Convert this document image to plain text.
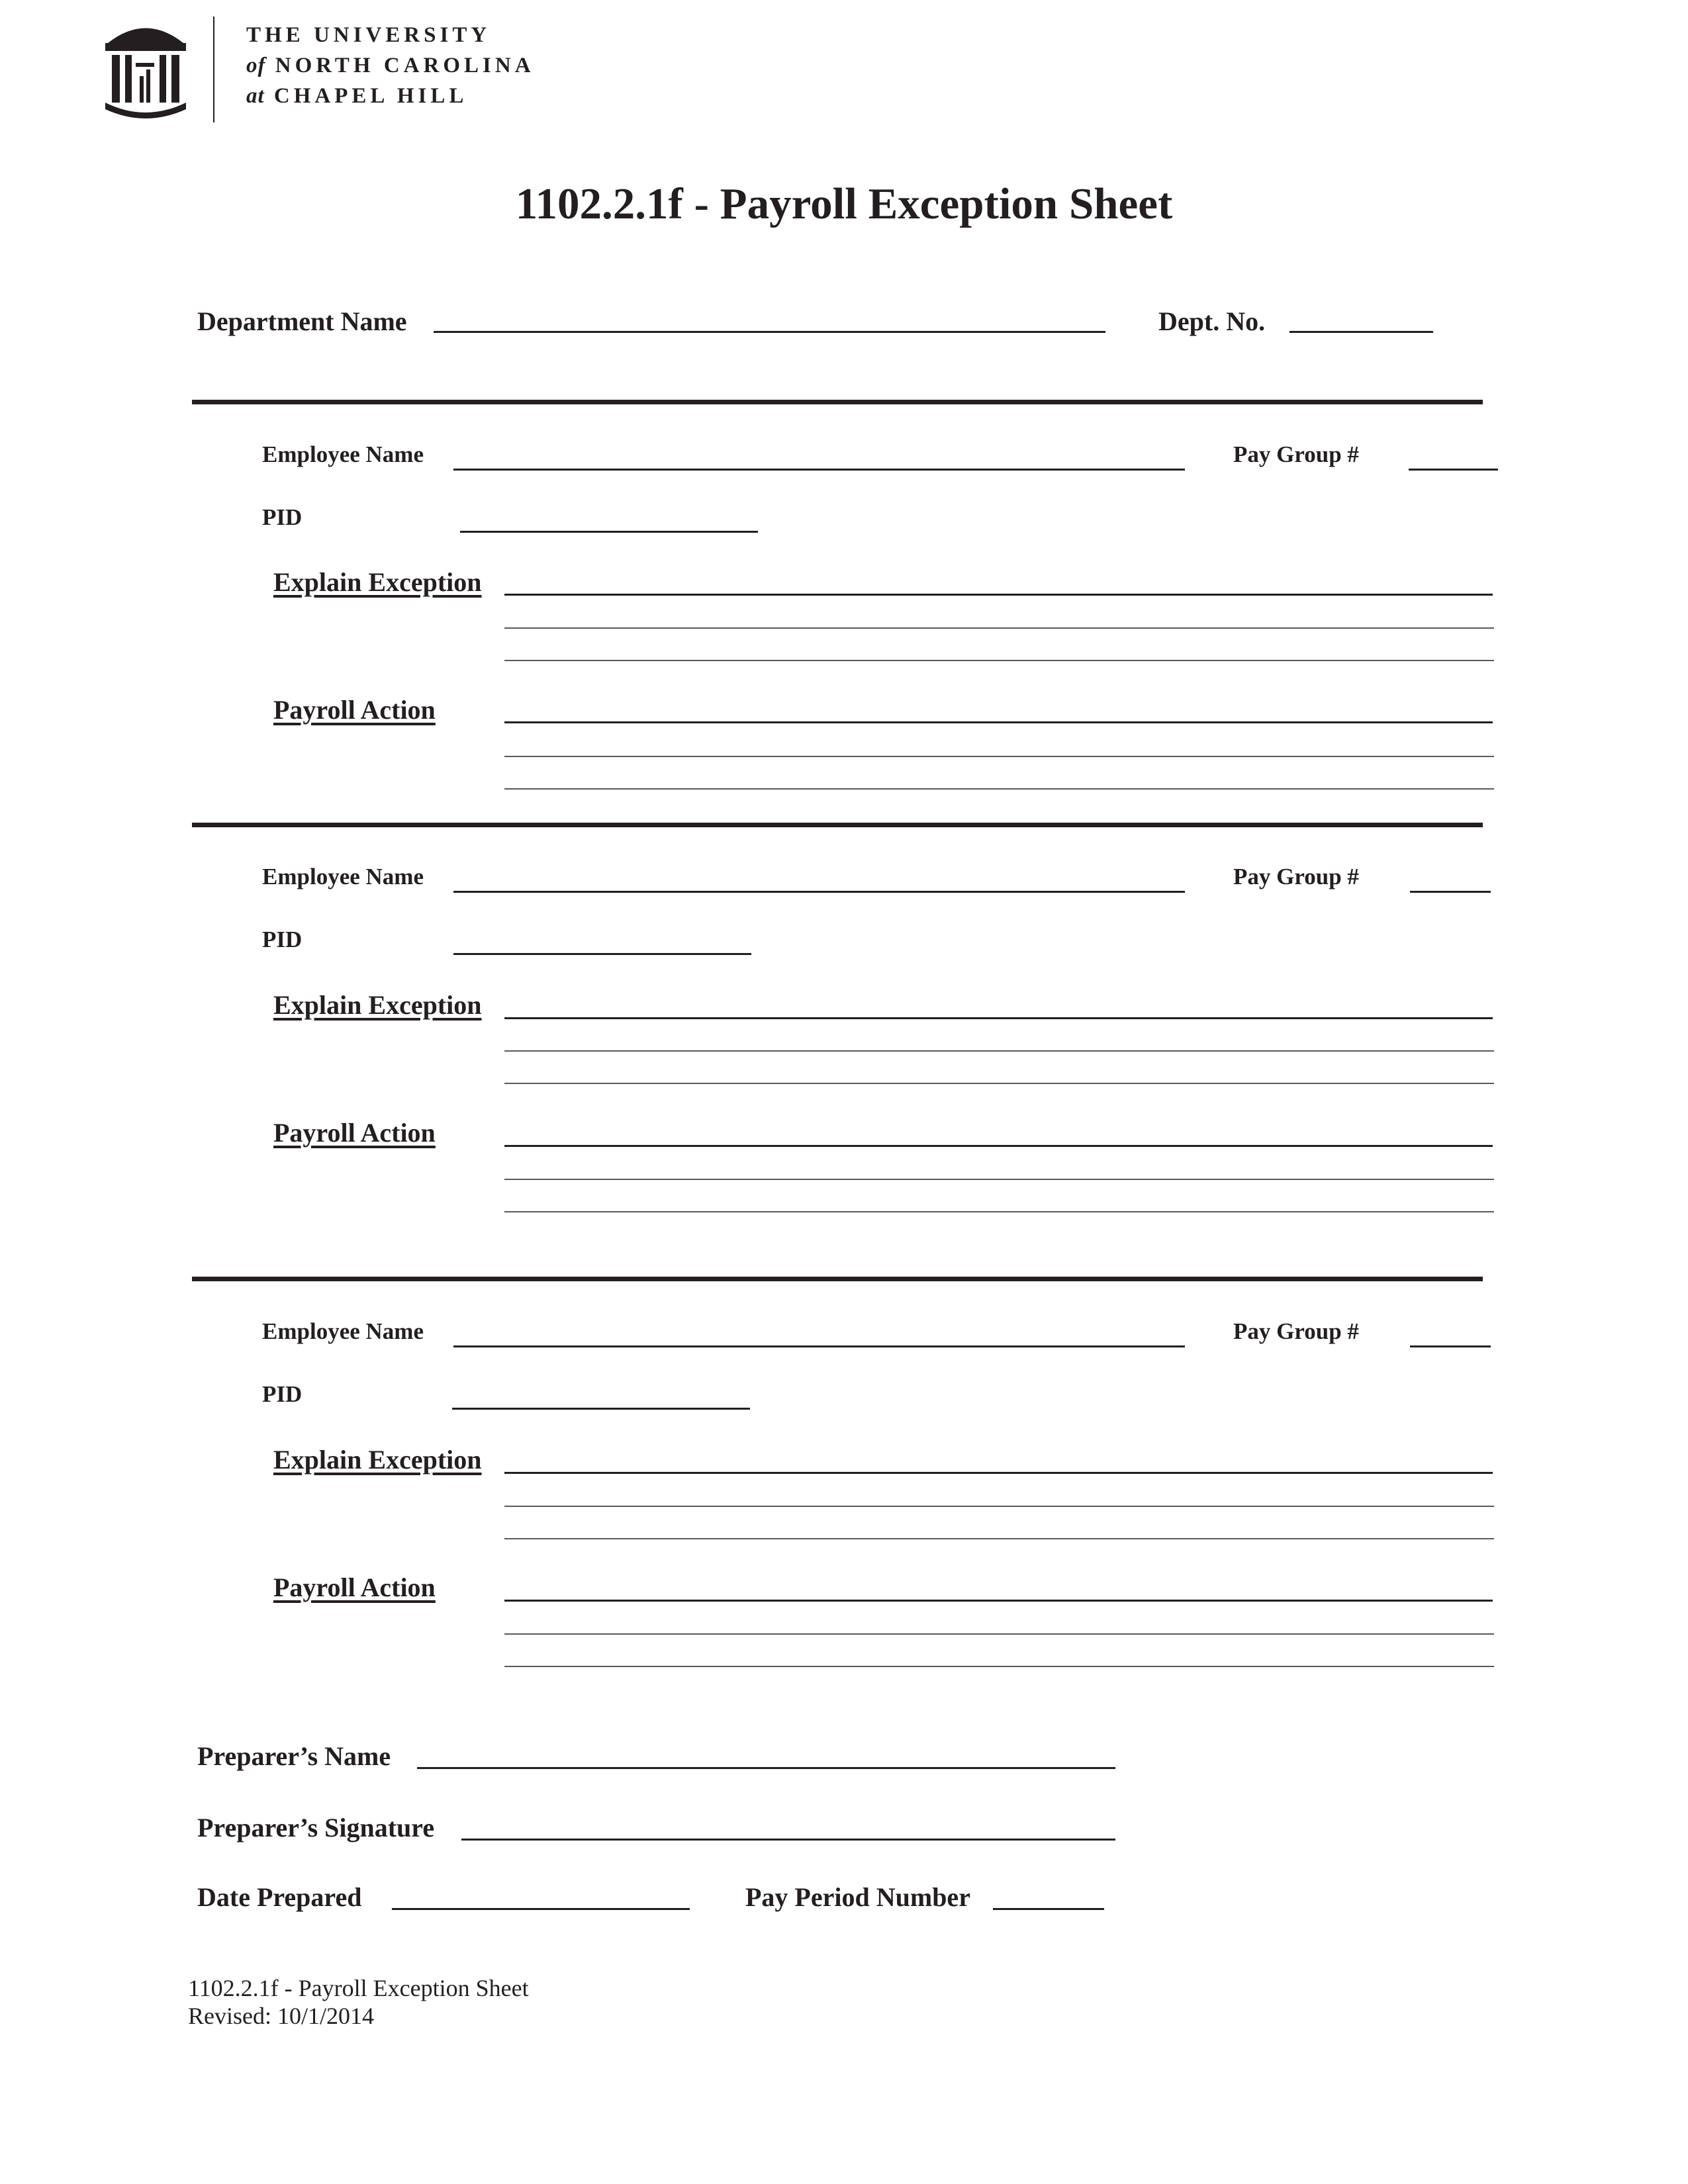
THE UNIVERSITY
of NORTH CAROLINA
at CHAPEL HILL
1102.2.1f - Payroll Exception Sheet
Department Name	Dept. No.
Employee Name	Pay Group #
PID
Explain Exception
Payroll Action
Employee Name	Pay Group #
PID
Explain Exception
Payroll Action
Employee Name	Pay Group #
PID
Explain Exception
Payroll Action
Preparer’s Name
Preparer’s Signature
Date Prepared	Pay Period Number
1102.2.1f - Payroll Exception Sheet
Revised: 10/1/2014
